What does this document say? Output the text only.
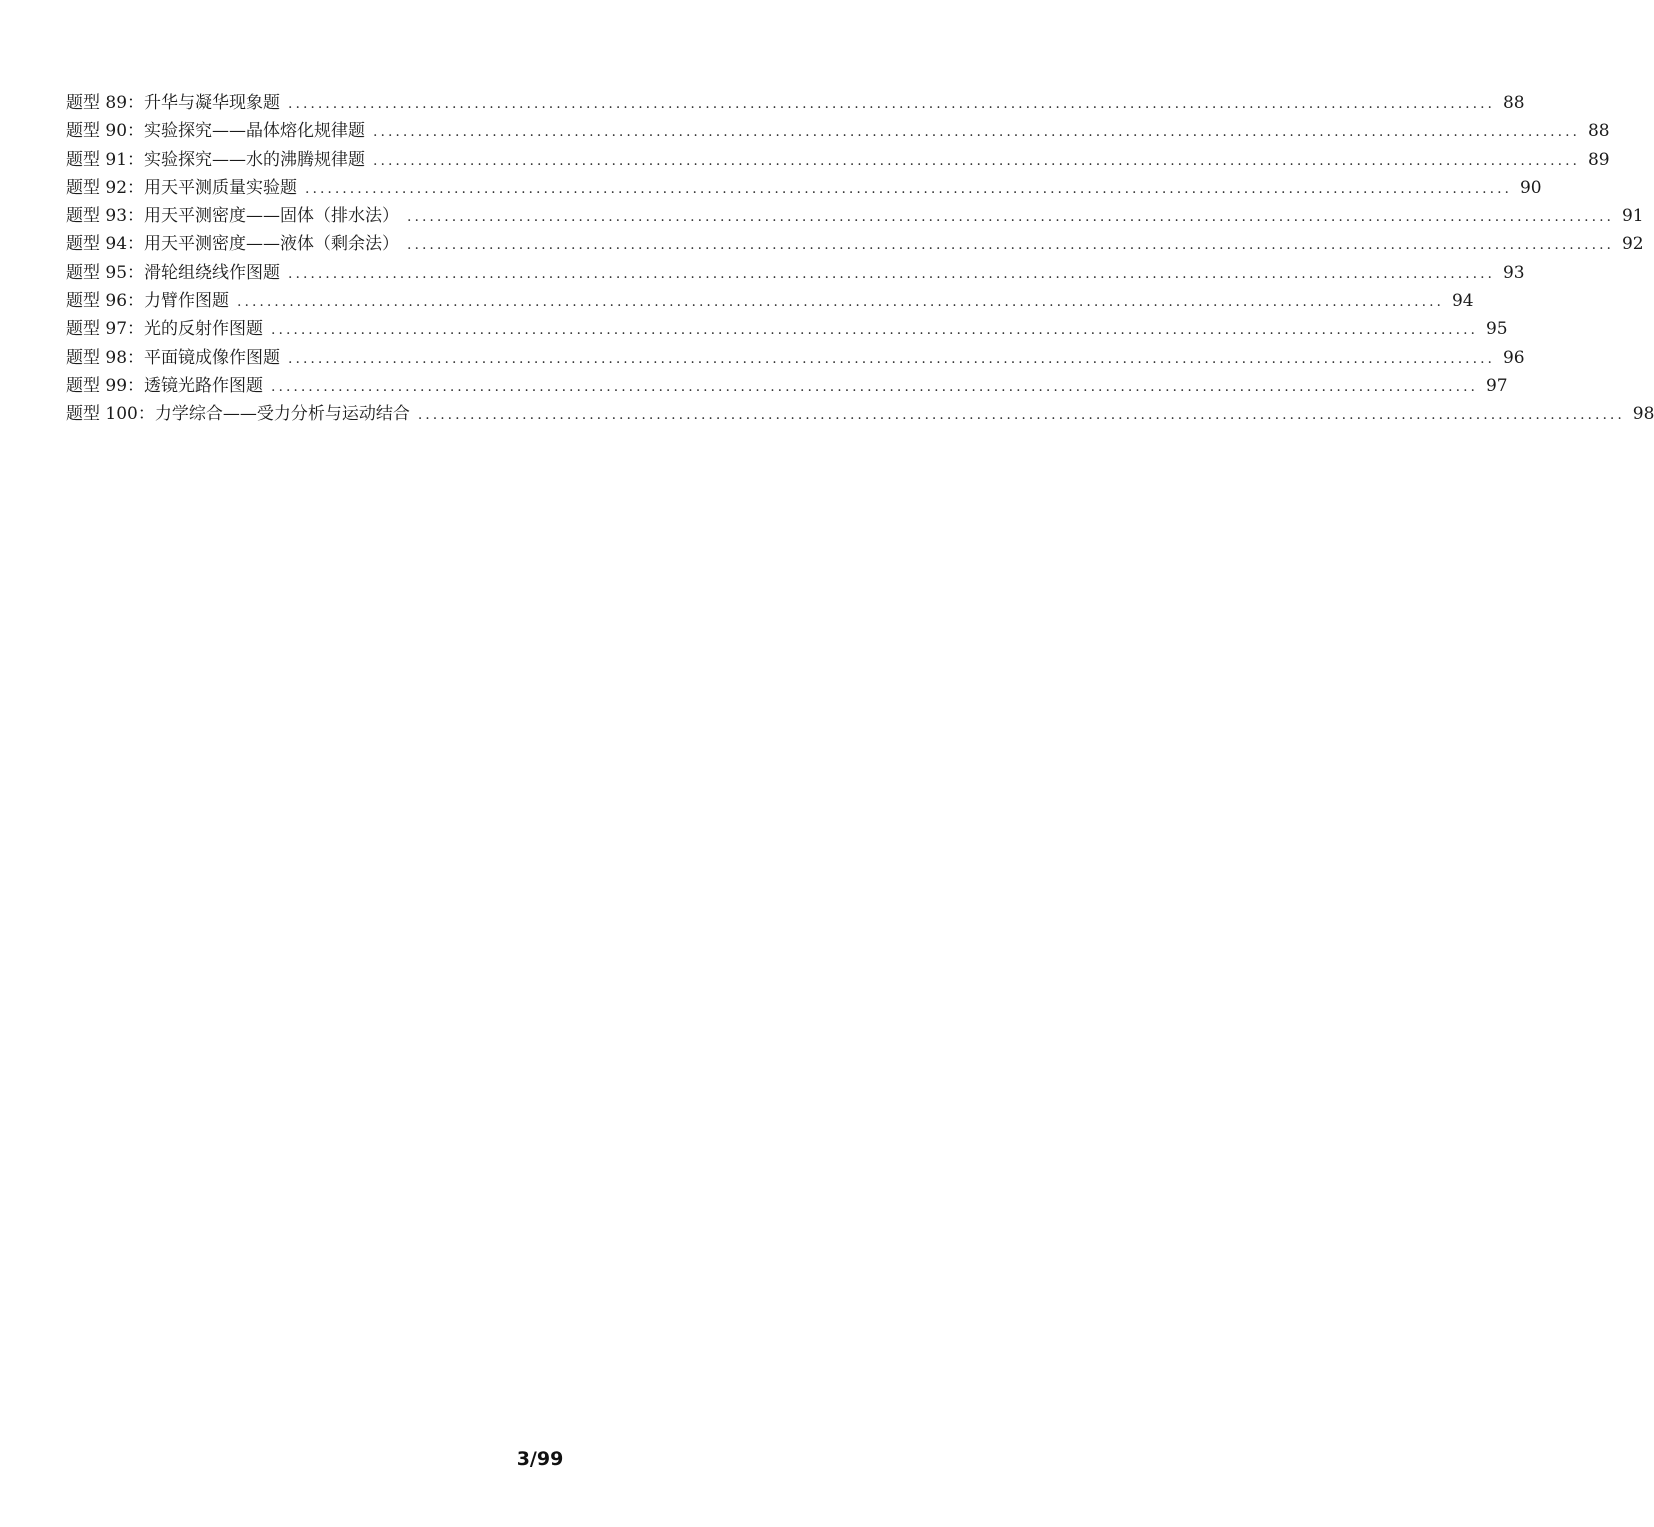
题型 89：升华与凝华现象题 .................................................................................................................................................................. 88
题型 90：实验探究——晶体熔化规律题 .................................................................................................................................................................. 88
题型 91：实验探究——水的沸腾规律题 .................................................................................................................................................................. 89
题型 92：用天平测质量实验题 .................................................................................................................................................................. 90
题型 93：用天平测密度——固体（排水法） .................................................................................................................................................................. 91
题型 94：用天平测密度——液体（剩余法） .................................................................................................................................................................. 92
题型 95：滑轮组绕线作图题 .................................................................................................................................................................. 93
题型 96：力臂作图题 .................................................................................................................................................................. 94
题型 97：光的反射作图题 .................................................................................................................................................................. 95
题型 98：平面镜成像作图题 .................................................................................................................................................................. 96
题型 99：透镜光路作图题 .................................................................................................................................................................. 97
题型 100：力学综合——受力分析与运动结合 .................................................................................................................................................................. 98
3/99
